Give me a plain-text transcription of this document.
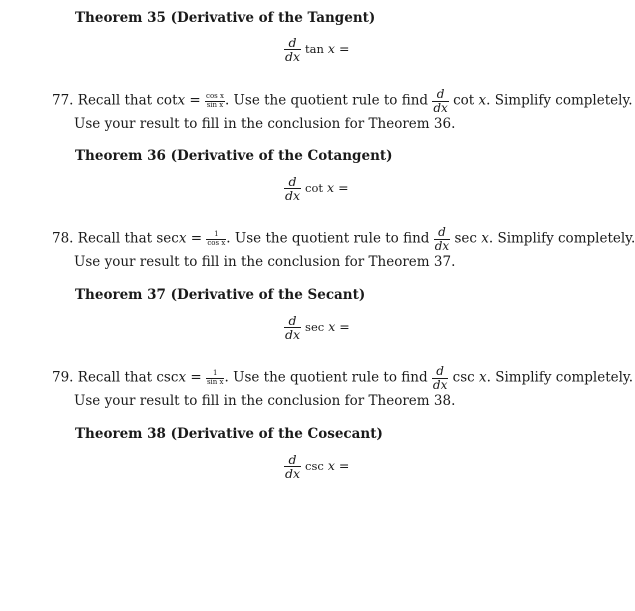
Theorem 35 (Derivative of the Tangent)
$\frac{d}{dx}$ tan x =
77. Recall that $\cot x = \frac{\text{cos x}}{\text{sin x}}$ . Use the quotient rule to find $\frac{d}{dx}$ cot x. Simplify completely.
Use your result to fill in the conclusion for Theorem 36.
Theorem 36 (Derivative of the Cotangent)
$\frac{d}{dx}$ cot x =
78. Recall that $\sec x = \frac{1}{\text{cos x}}$ . Use the quotient rule to find $\frac{d}{dx}$ sec x. Simplify completely.
Use your result to fill in the conclusion for Theorem 37.
Theorem 37 (Derivative of the Secant)
$\frac{d}{dx}$ sec x =
79. Recall that $\csc x = \frac{1}{\text{sin x}}$ . Use the quotient rule to find $\frac{d}{dx}$ csc x. Simplify completely.
Use your result to fill in the conclusion for Theorem 38.
Theorem 38 (Derivative of the Cosecant)
$\frac{d}{dx}$ csc x =
